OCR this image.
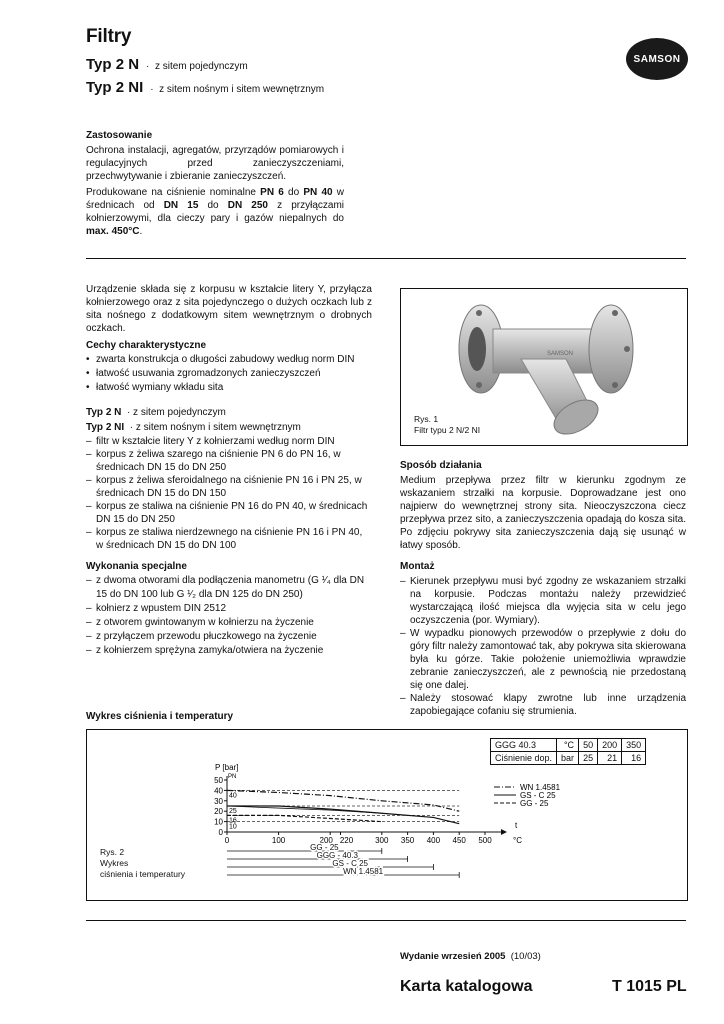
Filtry
Typ 2 N · z sitem pojedynczym
Typ 2 NI · z sitem nośnym i sitem wewnętrznym
SAMSON
Zastosowanie
Ochrona instalacji, agregatów, przyrządów pomiarowych i regulacyjnych przed zanieczyszczeniami, przechwytywanie i zbieranie zanieczyszczeń.
Produkowane na ciśnienie nominalne PN 6 do PN 40 w średnicach od DN 15 do DN 250 z przyłączami kołnierzowymi, dla cieczy pary i gazów niepalnych do max. 450°C.
Urządzenie składa się z korpusu w kształcie litery Y, przyłącza kołnierzowego oraz z sita pojedynczego o dużych oczkach lub z sita nośnego z dodatkowym sitem wewnętrznym o drobnych oczkach.
Cechy charakterystyczne
• zwarta konstrukcja o długości zabudowy według norm DIN
• łatwość usuwania zgromadzonych zanieczyszczeń
• łatwość wymiany wkładu sita
Typ 2 N · z sitem pojedynczym
Typ 2 NI · z sitem nośnym i sitem wewnętrznym
– filtr w kształcie litery Y z kołnierzami według norm DIN
– korpus z żeliwa szarego na ciśnienie PN 6 do PN 16, w średnicach DN 15 do DN 250
– korpus z żeliwa sferoidalnego na ciśnienie PN 16 i PN 25, w średnicach DN 15 do DN 150
– korpus ze staliwa na ciśnienie PN 16 do PN 40, w średnicach DN 15 do DN 250
– korpus ze staliwa nierdzewnego na ciśnienie PN 16 i PN 40, w średnicach DN 15 do DN 100
Wykonania specjalne
– z dwoma otworami dla podłączenia manometru (G ¹⁄₄ dla DN 15 do DN 100 lub G ¹⁄₂ dla DN 125 do DN 250)
– kołnierz z wpustem DIN 2512
– z otworem gwintowanym w kołnierzu na życzenie
– z przyłączem przewodu płuczkowego na życzenie
– z kołnierzem sprężyna zamyka/otwiera na życzenie
Wykres ciśnienia i temperatury
SAMSON
Rys. 1
Filtr typu 2 N/2 NI
Sposób działania
Medium przepływa przez filtr w kierunku zgodnym ze wskazaniem strzałki na korpusie. Doprowadzane jest ono najpierw do wewnętrznej strony sita. Nieoczyszczona ciecz przepływa przez sito, a zanieczyszczenia opadają do kosza sita. Po zdjęciu pokrywy sita zanieczyszczenia dają się usunąć w łatwy sposób.
Montaż
– Kierunek przepływu musi być zgodny ze wskazaniem strzałki na korpusie. Podczas montażu należy przewidzieć wystarczającą ilość miejsca dla wyjęcia sita w celu jego oczyszczenia (por. Wymiary).
– W wypadku pionowych przewodów o przepływie z dołu do góry filtr należy zamontować tak, aby pokrywa sita skierowana była ku górze. Takie położenie uniemożliwia wprawdzie zebranie zanieczyszczeń, ale z pewnością nie przedostaną się one dalej.
– Należy stosować klapy zwrotne lub inne urządzenia zapobiegające cofaniu się strumienia.
GGG 40.3	°C	50	200	350
Ciśnienie dop.	bar	25	21	16
0
10
20
30
40
50
0	100	200 220	300 350 400 450 500	°C
t
P [bar]
PN
40
25
16
10
WN 1.4581
GS - C 25
GG - 25
GG - 25
GGG - 40.3
GS - C 25
WN 1.4581
Rys. 2
Wykres
ciśnienia i temperatury
Wydanie wrzesień 2005 (10/03)
Karta katalogowa	T 1015 PL
